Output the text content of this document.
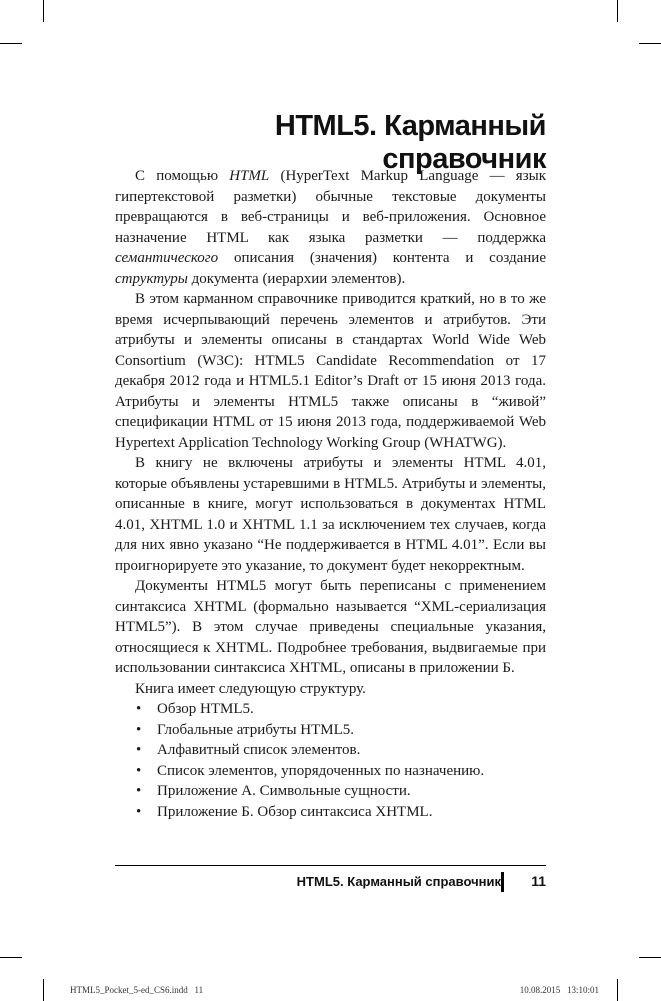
HTML5. Карманный справочник

С помощью HTML (HyperText Markup Language — язык гипертекстовой разметки) обычные текстовые документы превращаются в веб-страницы и веб-приложения. Основное назначение HTML как языка разметки — поддержка семантического описания (значения) контента и создание структуры документа (иерархии элементов).

В этом карманном справочнике приводится краткий, но в то же время исчерпывающий перечень элементов и атрибутов. Эти атрибуты и элементы описаны в стандартах World Wide Web Consortium (W3C): HTML5 Candidate Recommendation от 17 декабря 2012 года и HTML5.1 Editor’s Draft от 15 июня 2013 года. Атрибуты и элементы HTML5 также описаны в “живой” спецификации HTML от 15 июня 2013 года, поддерживаемой Web Hypertext Application Technology Working Group (WHATWG).

В книгу не включены атрибуты и элементы HTML 4.01, которые объявлены устаревшими в HTML5. Атрибуты и элементы, описанные в книге, могут использоваться в документах HTML 4.01, XHTML 1.0 и XHTML 1.1 за исключением тех случаев, когда для них явно указано “Не поддерживается в HTML 4.01”. Если вы проигнорируете это указание, то документ будет некорректным.

Документы HTML5 могут быть переписаны с применением синтаксиса XHTML (формально называется “XML-сериализация HTML5”). В этом случае приведены специальные указания, относящиеся к XHTML. Подробнее требования, выдвигаемые при использовании синтаксиса XHTML, описаны в приложении Б.

Книга имеет следующую структуру.

• Обзор HTML5.
• Глобальные атрибуты HTML5.
• Алфавитный список элементов.
• Список элементов, упорядоченных по назначению.
• Приложение А. Символьные сущности.
• Приложение Б. Обзор синтаксиса XHTML.
HTML5. Карманный справочник	11
HTML5_Pocket_5-ed_CS6.indd   11	10.08.2015   13:10:01
